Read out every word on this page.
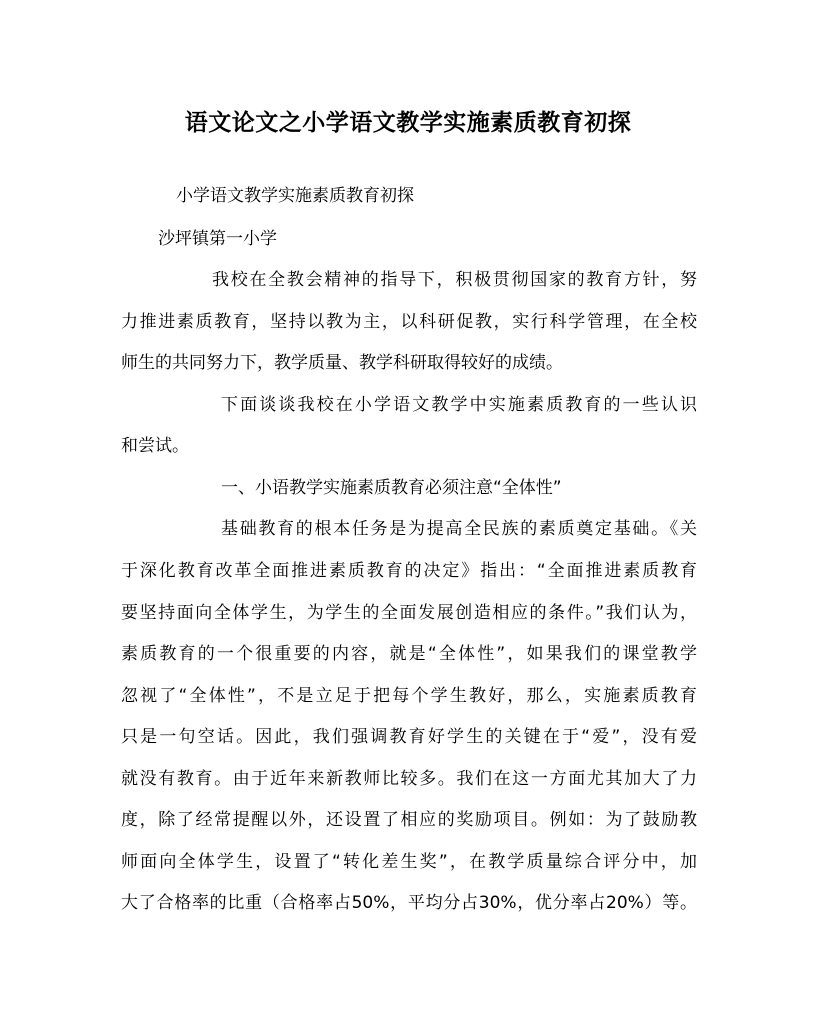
语文论文之小学语文教学实施素质教育初探

小学语文教学实施素质教育初探

沙坪镇第一小学

我校在全教会精神的指导下，积极贯彻国家的教育方针，努

力推进素质教育，坚持以教为主，以科研促教，实行科学管理，在全校

师生的共同努力下，教学质量、教学科研取得较好的成绩。

下面谈谈我校在小学语文教学中实施素质教育的一些认识

和尝试。

一、小语教学实施素质教育必须注意“全体性”

基础教育的根本任务是为提高全民族的素质奠定基础。《关

于深化教育改革全面推进素质教育的决定》指出：“全面推进素质教育

要坚持面向全体学生，为学生的全面发展创造相应的条件。”我们认为，

素质教育的一个很重要的内容，就是“全体性”，如果我们的课堂教学

忽视了“全体性”，不是立足于把每个学生教好，那么，实施素质教育

只是一句空话。因此，我们强调教育好学生的关键在于“爱”，没有爱

就没有教育。由于近年来新教师比较多。我们在这一方面尤其加大了力

度，除了经常提醒以外，还设置了相应的奖励项目。例如：为了鼓励教

师面向全体学生，设置了“转化差生奖”，在教学质量综合评分中，加

大了合格率的比重（合格率占50%，平均分占30%，优分率占20%）等。
